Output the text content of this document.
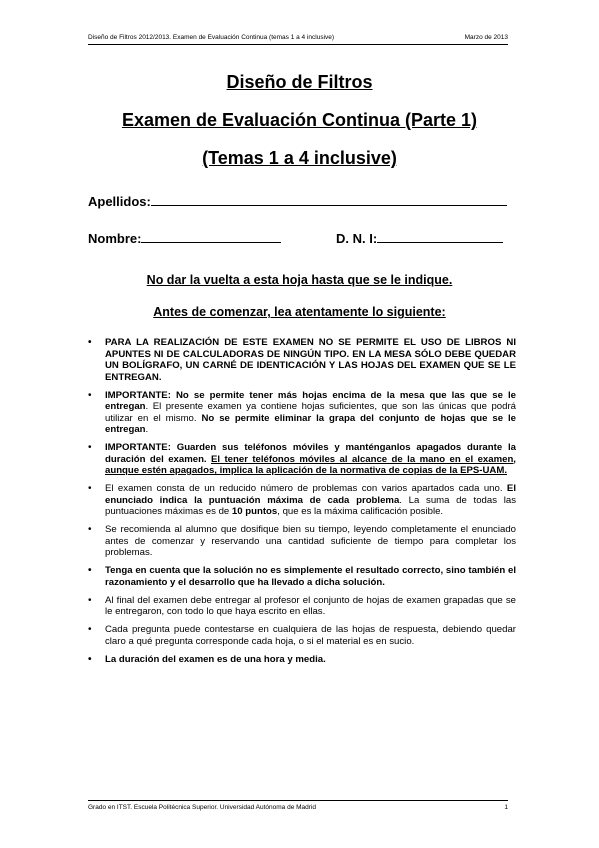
Diseño de Filtros 2012/2013. Examen de Evaluación Continua (temas 1 a 4 inclusive)	Marzo de 2013
Diseño de Filtros
Examen de Evaluación Continua (Parte 1)
(Temas 1 a 4 inclusive)
Apellidos:
Nombre:	D. N. I:
No dar la vuelta a esta hoja hasta que se le indique.
Antes de comenzar, lea atentamente lo siguiente:
• PARA LA REALIZACIÓN DE ESTE EXAMEN NO SE PERMITE EL USO DE LIBROS NI APUNTES NI DE CALCULADORAS DE NINGÚN TIPO. EN LA MESA SÓLO DEBE QUEDAR UN BOLÍGRAFO, UN CARNÉ DE IDENTICACIÓN Y LAS HOJAS DEL EXAMEN QUE SE LE ENTREGAN.
• IMPORTANTE: No se permite tener más hojas encima de la mesa que las que se le entregan. El presente examen ya contiene hojas suficientes, que son las únicas que podrá utilizar en el mismo. No se permite eliminar la grapa del conjunto de hojas que se le entregan.
• IMPORTANTE: Guarden sus teléfonos móviles y manténganlos apagados durante la duración del examen. El tener teléfonos móviles al alcance de la mano en el examen, aunque estén apagados, implica la aplicación de la normativa de copias de la EPS-UAM.
• El examen consta de un reducido número de problemas con varios apartados cada uno. El enunciado indica la puntuación máxima de cada problema. La suma de todas las puntuaciones máximas es de 10 puntos, que es la máxima calificación posible.
• Se recomienda al alumno que dosifique bien su tiempo, leyendo completamente el enunciado antes de comenzar y reservando una cantidad suficiente de tiempo para completar los problemas.
• Tenga en cuenta que la solución no es simplemente el resultado correcto, sino también el razonamiento y el desarrollo que ha llevado a dicha solución.
• Al final del examen debe entregar al profesor el conjunto de hojas de examen grapadas que se le entregaron, con todo lo que haya escrito en ellas.
• Cada pregunta puede contestarse en cualquiera de las hojas de respuesta, debiendo quedar claro a qué pregunta corresponde cada hoja, o si el material es en sucio.
• La duración del examen es de una hora y media.
Grado en ITST. Escuela Politécnica Superior. Universidad Autónoma de Madrid	1
